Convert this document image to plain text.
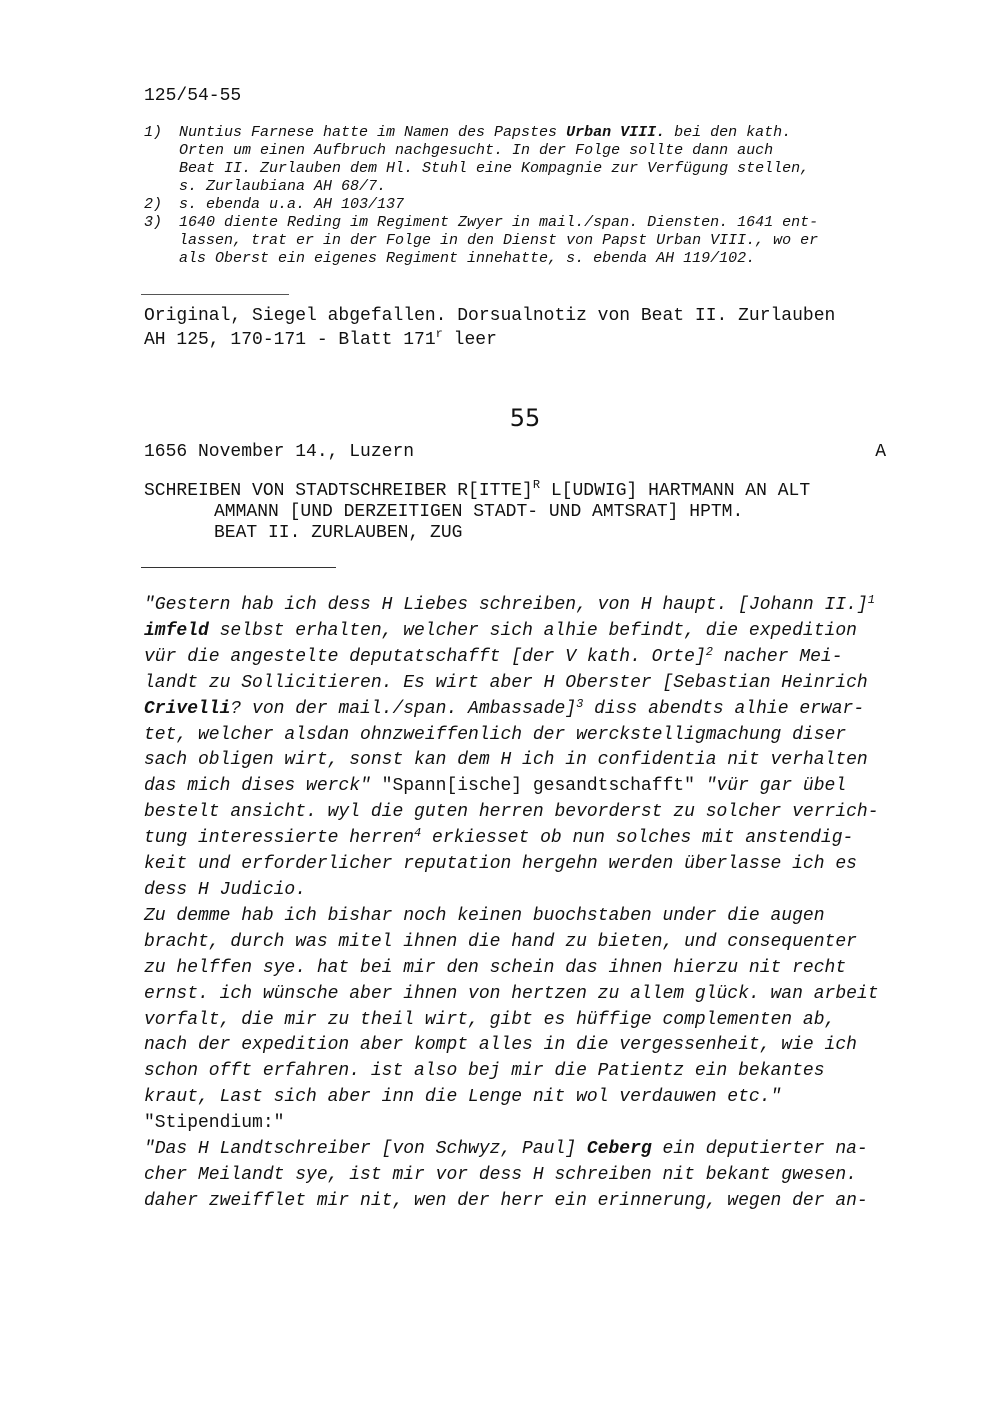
125/54-55
1)	Nuntius Farnese hatte im Namen des Papstes Urban VIII. bei den kath.
Orten um einen Aufbruch nachgesucht. In der Folge sollte dann auch
Beat II. Zurlauben dem Hl. Stuhl eine Kompagnie zur Verfügung stellen,
s. Zurlaubiana AH 68/7.
2)	s. ebenda u.a. AH 103/137
3)	1640 diente Reding im Regiment Zwyer in mail./span. Diensten. 1641 ent-
lassen, trat er in der Folge in den Dienst von Papst Urban VIII., wo er
als Oberst ein eigenes Regiment innehatte, s. ebenda AH 119/102.
Original, Siegel abgefallen. Dorsualnotiz von Beat II. Zurlauben
AH 125, 170-171 - Blatt 171$^r$ leer
55
1656 November 14., Luzern	A
SCHREIBEN VON STADTSCHREIBER R[ITTE]$^R$ L[UDWIG] HARTMANN AN ALT
AMMANN [UND DERZEITIGEN STADT- UND AMTSRAT] HPTM.
BEAT II. ZURLAUBEN, ZUG
"Gestern hab ich dess H Liebes schreiben, von H haupt. [Johann II.]$^1$
imfeld selbst erhalten, welcher sich alhie befindt, die expedition
vür die angestelte deputatschafft [der V kath. Orte]$^2$ nacher Mei-
landt zu Sollicitieren. Es wirt aber H Oberster [Sebastian Heinrich
Crivelli? von der mail./span. Ambassade]$^3$ diss abendts alhie erwar-
tet, welcher alsdan ohnzweiffenlich der werckstelligmachung diser
sach obligen wirt, sonst kan dem H ich in confidentia nit verhalten
das mich dises werck" "Spann[ische] gesandtschafft" "vür gar übel
bestelt ansicht. wyl die guten herren bevorderst zu solcher verrich-
tung interessierte herren$^4$ erkiesset ob nun solches mit anstendig-
keit und erforderlicher reputation hergehn werden überlasse ich es
dess H Judicio.
Zu demme hab ich bishar noch keinen buochstaben under die augen
bracht, durch was mitel ihnen die hand zu bieten, und consequenter
zu helffen sye. hat bei mir den schein das ihnen hierzu nit recht
ernst. ich wünsche aber ihnen von hertzen zu allem glück. wan arbeit
vorfalt, die mir zu theil wirt, gibt es hüffige complementen ab,
nach der expedition aber kompt alles in die vergessenheit, wie ich
schon offt erfahren. ist also bej mir die Patientz ein bekantes
kraut, Last sich aber inn die Lenge nit wol verdauwen etc."
"Stipendium:"
"Das H Landtschreiber [von Schwyz, Paul] Ceberg ein deputierter na-
cher Meilandt sye, ist mir vor dess H schreiben nit bekant gwesen.
daher zweifflet mir nit, wen der herr ein erinnerung, wegen der an-
